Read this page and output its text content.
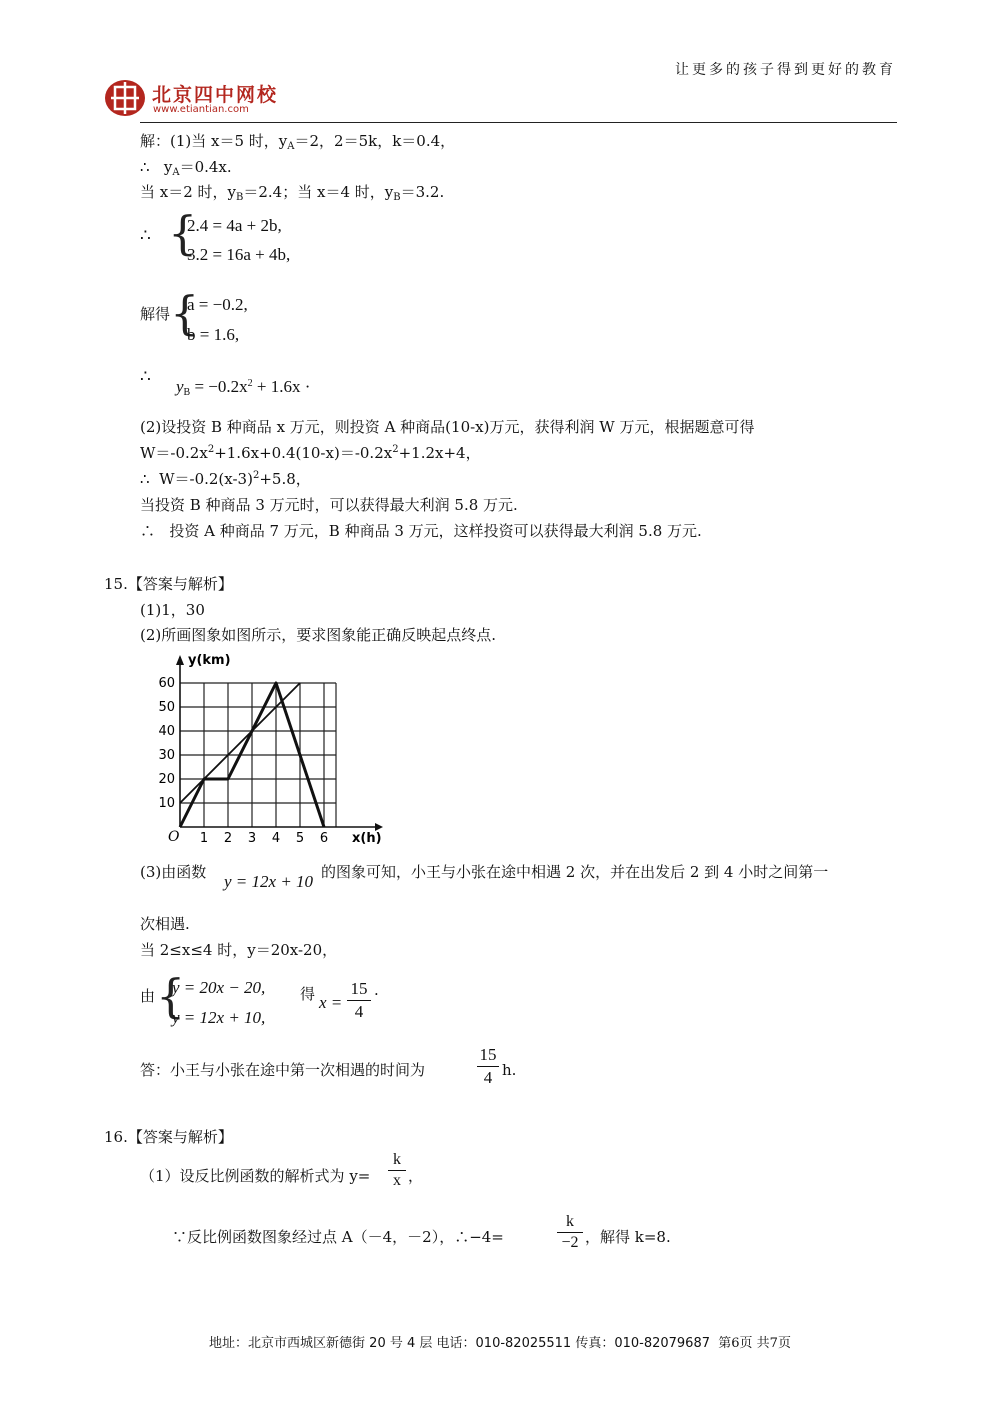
北京四中网校
www.etiantian.com
让更多的孩子得到更好的教育
解：(1)当 x＝5 时，$y_A=2$，2＝5k，k＝0.4，
∴ $y_A=0.4x$.
当 x＝2 时，$y_B=2.4$；当 x＝4 时，$y_B=3.2$.
∴ {
2.4 = 4a + 2b,
3.2 = 16a + 4b,
解得 {
a = −0.2,
b = 1.6,
∴ $y_B = -0.2x^2 + 1.6x$ ·
(2)设投资 B 种商品 x 万元，则投资 A 种商品(10-x)万元，获得利润 W 万元，根据题意可得
$W=-0.2x^2+1.6x+0.4(10-x)=-0.2x^2+1.2x+4$，
∴ $W=-0.2(x-3)^2+5.8$，
当投资 B 种商品 3 万元时，可以获得最大利润 5.8 万元.
∴ 投资 A 种商品 7 万元，B 种商品 3 万元，这样投资可以获得最大利润 5.8 万元.
15.【答案与解析】
(1)1，30
(2)所画图象如图所示，要求图象能正确反映起点终点.
1 2 3 4 5 6
10
20
30
40
50
60
O
y(km)
x(h)
(3)由函数 y = 12x + 10 的图象可知，小王与小张在途中相遇 2 次，并在出发后 2 到 4 小时之间第一
次相遇.
当 2≤x≤4 时，y＝20x-20，
由 {
y = 20x − 20,
y = 12x + 10,
得 x =
15
4
·
答：小王与小张在途中第一次相遇的时间为
15
4 h.
16.【答案与解析】
（1）设反比例函数的解析式为 y=
k
x ，
∵反比例函数图象经过点 A（－4，－2），∴−4=
k
−2 ，解得 k=8.
地址：北京市西城区新德街 20 号 4 层 电话：010-82025511 传真：010-82079687 第6页 共7页
